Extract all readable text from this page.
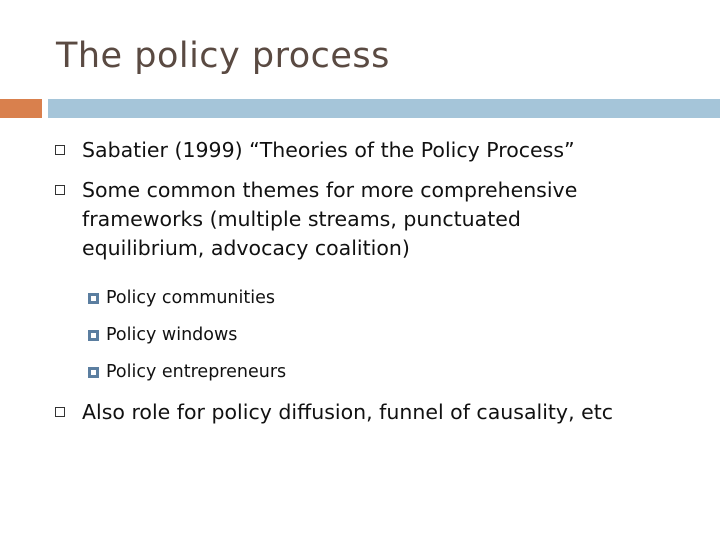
The policy process
Sabatier (1999) “Theories of the Policy Process”
Some common themes for more comprehensive frameworks (multiple streams, punctuated equilibrium, advocacy coalition)
Policy communities
Policy windows
Policy entrepreneurs
Also role for policy diffusion, funnel of causality, etc
